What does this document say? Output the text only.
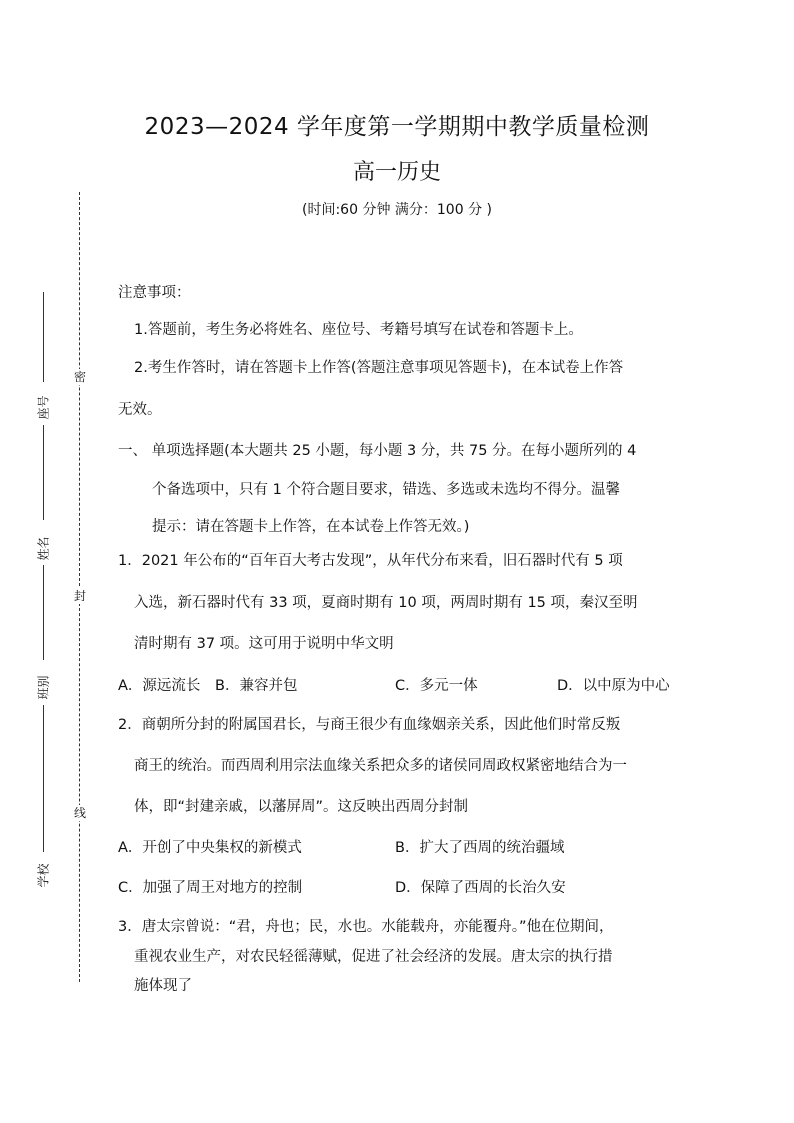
密
封
线
座号
姓名
班别
学校
2023—2024 学年度第一学期期中教学质量检测
高一历史
(时间:60 分钟 满分：100 分 )
注意事项：
1.答题前，考生务必将姓名、座位号、考籍号填写在试卷和答题卡上。
2.考生作答时，请在答题卡上作答(答题注意事项见答题卡)，在本试卷上作答
无效。
一、 单项选择题(本大题共 25 小题，每小题 3 分，共 75 分。在每小题所列的 4
个备选项中，只有 1 个符合题目要求，错选、多选或未选均不得分。温馨
提示：请在答题卡上作答，在本试卷上作答无效。)
1．2021 年公布的“百年百大考古发现”，从年代分布来看，旧石器时代有 5 项
入选，新石器时代有 33 项，夏商时期有 10 项，两周时期有 15 项，秦汉至明
清时期有 37 项。这可用于说明中华文明
A．源远流长 B．兼容并包	C．多元一体	D．以中原为中心
2．商朝所分封的附属国君长，与商王很少有血缘姻亲关系，因此他们时常反叛
商王的统治。而西周利用宗法血缘关系把众多的诸侯同周政权紧密地结合为一
体，即“封建亲戚，以藩屏周”。这反映出西周分封制
A．开创了中央集权的新模式	B．扩大了西周的统治疆域
C．加强了周王对地方的控制	D．保障了西周的长治久安
3．唐太宗曾说：“君，舟也；民，水也。水能载舟，亦能覆舟。”他在位期间，
重视农业生产，对农民轻徭薄赋，促进了社会经济的发展。唐太宗的执行措
施体现了
